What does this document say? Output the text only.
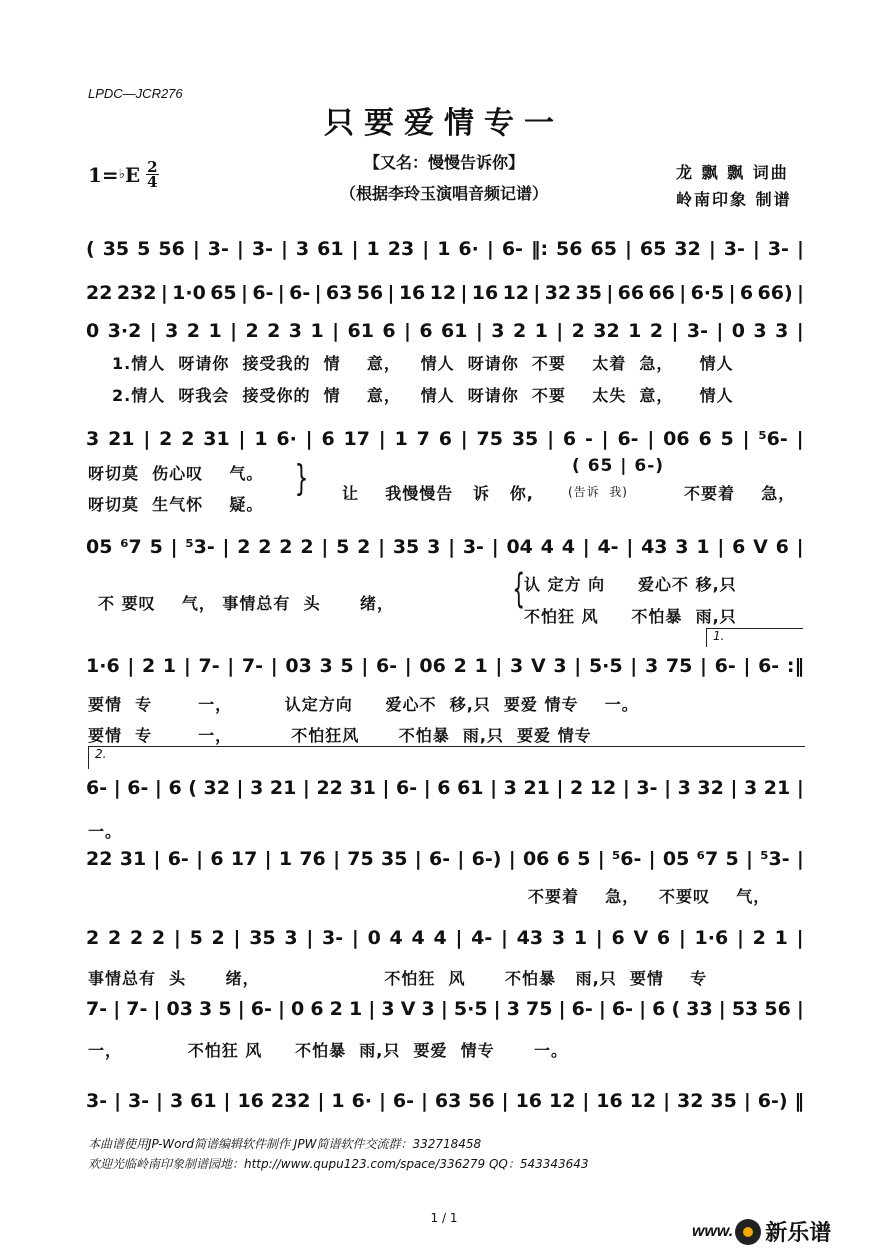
LPDC—JCR276
只要爱情专一
1= ♭ E $\frac{2}{4}$	【又名：慢慢告诉你】
（根据李玲玉演唱音频记谱）
龙 飘 飘 词曲
岭南印象 制谱
( 35 5 56 | 3- | 3- | 3 61 | 1 23 | 1 6· | 6- ‖: 56 65 | 65 32 | 3- | 3- |
22 232 | 1·0 65 | 6- | 6- | 63 56 | 16 12 | 16 12 | 32 35 | 66 66 | 6·5 | 6 66) |
0 3·2 | 3 2 1 | 2 2 3 1 | 61 6 | 6 61 | 3 2 1 | 2 32 1 2 | 3- | 0 3 3 |
3 21 | 2 2 31 | 1 6· | 6 17 | 1 7 6 | 75 35 | 6 - | 6- | 06 6 5 | ⁵6- |
05 ⁶7 5 | ⁵3- | 2 2 2 2 | 5 2 | 35 3 | 3- | 04 4 4 | 4- | 43 3 1 | 6 ᐯ 6 |
1·6 | 2 1 | 7- | 7- | 03 3 5 | 6- | 06 2 1 | 3 ᐯ 3 | 5·5 | 3 75 | 6- | 6- :‖
6- | 6- | 6 ( 32 | 3 21 | 22 31 | 6- | 6 61 | 3 21 | 2 12 | 3- | 3 32 | 3 21 |
22 31 | 6- | 6 17 | 1 76 | 75 35 | 6- | 6-) | 06 6 5 | ⁵6- | 05 ⁶7 5 | ⁵3- |
2 2 2 2 | 5 2 | 35 3 | 3- | 0 4 4 4 | 4- | 43 3 1 | 6 ᐯ 6 | 1·6 | 2 1 |
7- | 7- | 03 3 5 | 6- | 0 6 2 1 | 3 ᐯ 3 | 5·5 | 3 75 | 6- | 6- | 6 ( 33 | 53 56 |
3- | 3- | 3 61 | 16 232 | 1 6· | 6- | 63 56 | 16 12 | 16 12 | 32 35 | 6-) ‖
1.情人  呀请你  接受我的  情    意，   情人  呀请你  不要    太着  急，    情人
2.情人  呀我会  接受你的  情    意，   情人  呀请你  不要    太失  意，    情人
呀切莫  伤心叹    气。
呀切莫  生气怀    疑。
} 让    我慢慢告   诉   你,
( 65 | 6-)
(告诉  我)	不要着    急，
不 要叹    气， 事情总有  头      绪，	{
认 定方 向     爱心不 移,只
不怕狂 风     不怕暴  雨,只
1.
要情  专       一，        认定方向     爱心不  移,只  要爱 情专    一。
要情  专       一，         不怕狂风      不怕暴  雨,只  要爱 情专
2.
一。
不要着    急，   不要叹    气，
事情总有  头      绪，                   不怕狂  风      不怕暴   雨,只  要情    专
一，          不怕狂 风     不怕暴  雨,只  要爱  情专      一。
本曲谱使用JP-Word简谱编辑软件制作 JPW简谱软件交流群：332718458
欢迎光临岭南印象制谱园地：http://www.qupu123.com/space/336279 QQ：543343643
1 / 1
www. 新乐谱
